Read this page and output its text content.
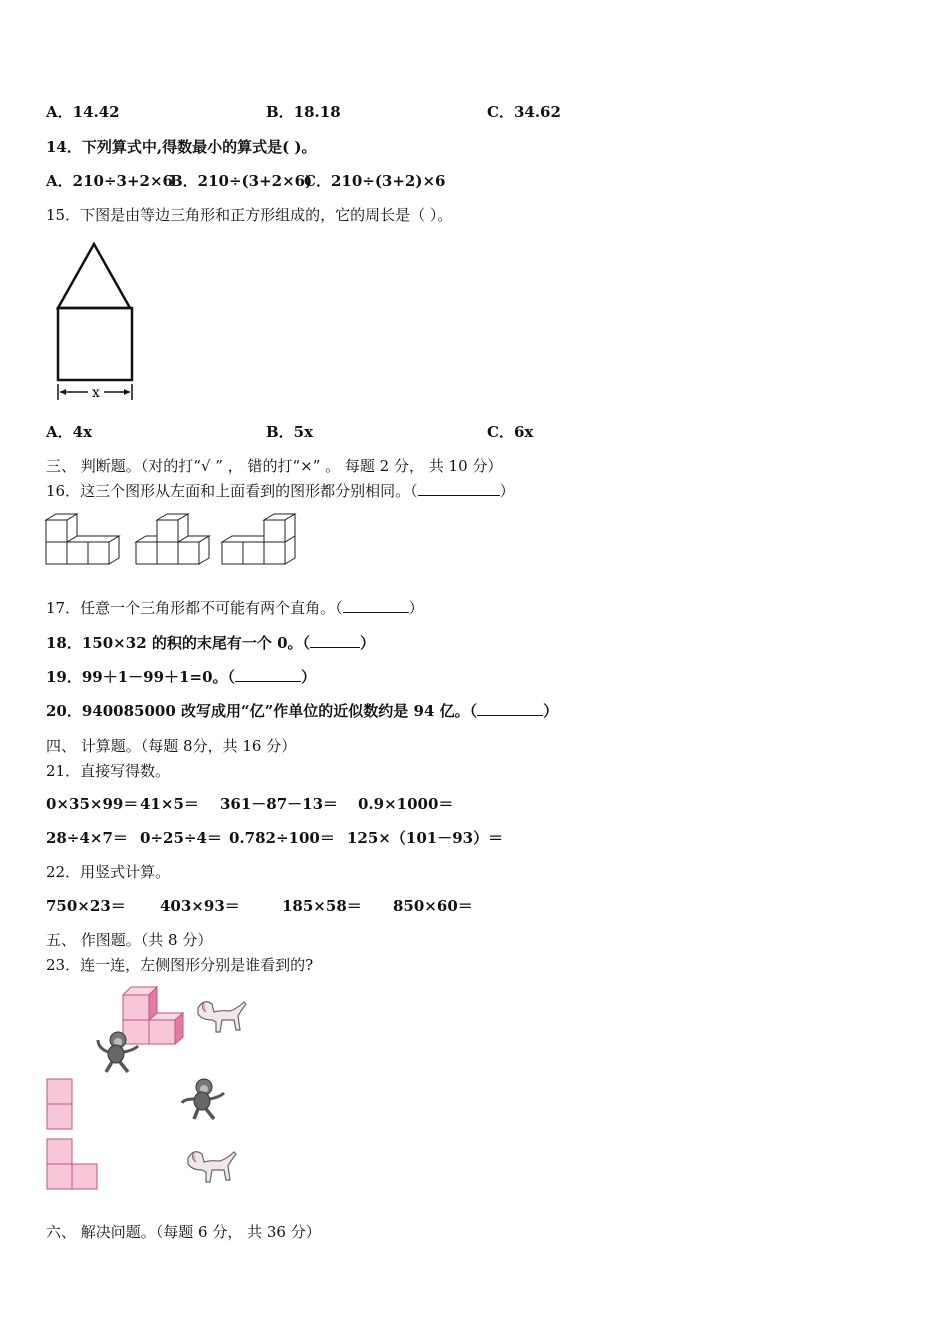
A．14.42	B．18.18	C．34.62
14．下列算式中,得数最小的算式是( )。
A．210÷3+2×6
B．210÷(3+2×6)
C．210÷(3+2)×6
15．下图是由等边三角形和正方形组成的，它的周长是（ ）。
x
A．4x	B．5x	C．6x
三、 判断题。（对的打“√ ” ， 错的打“×” 。 每题 2 分， 共 10 分）
16．这三个图形从左面和上面看到的图形都分别相同。（	）
17．任意一个三角形都不可能有两个直角。（	）
18．150×32 的积的末尾有一个 0。（	）
19．99＋1－99＋1=0。（	）
20．940085000 改写成用“亿”作单位的近似数约是 94 亿。（	）
四、 计算题。（每题 8分，共 16 分）
21．直接写得数。
0×35×99＝ 41×5＝ 361－87－13＝ 0.9×1000＝
28÷4×7＝ 0÷25÷4＝ 0.782÷100＝ 125×（101－93）＝
22．用竖式计算。
750×23＝ 403×93＝	185×58＝ 850×60＝
五、 作图题。（共 8 分）
23．连一连，左侧图形分别是谁看到的?
六、 解决问题。（每题 6 分， 共 36 分）
